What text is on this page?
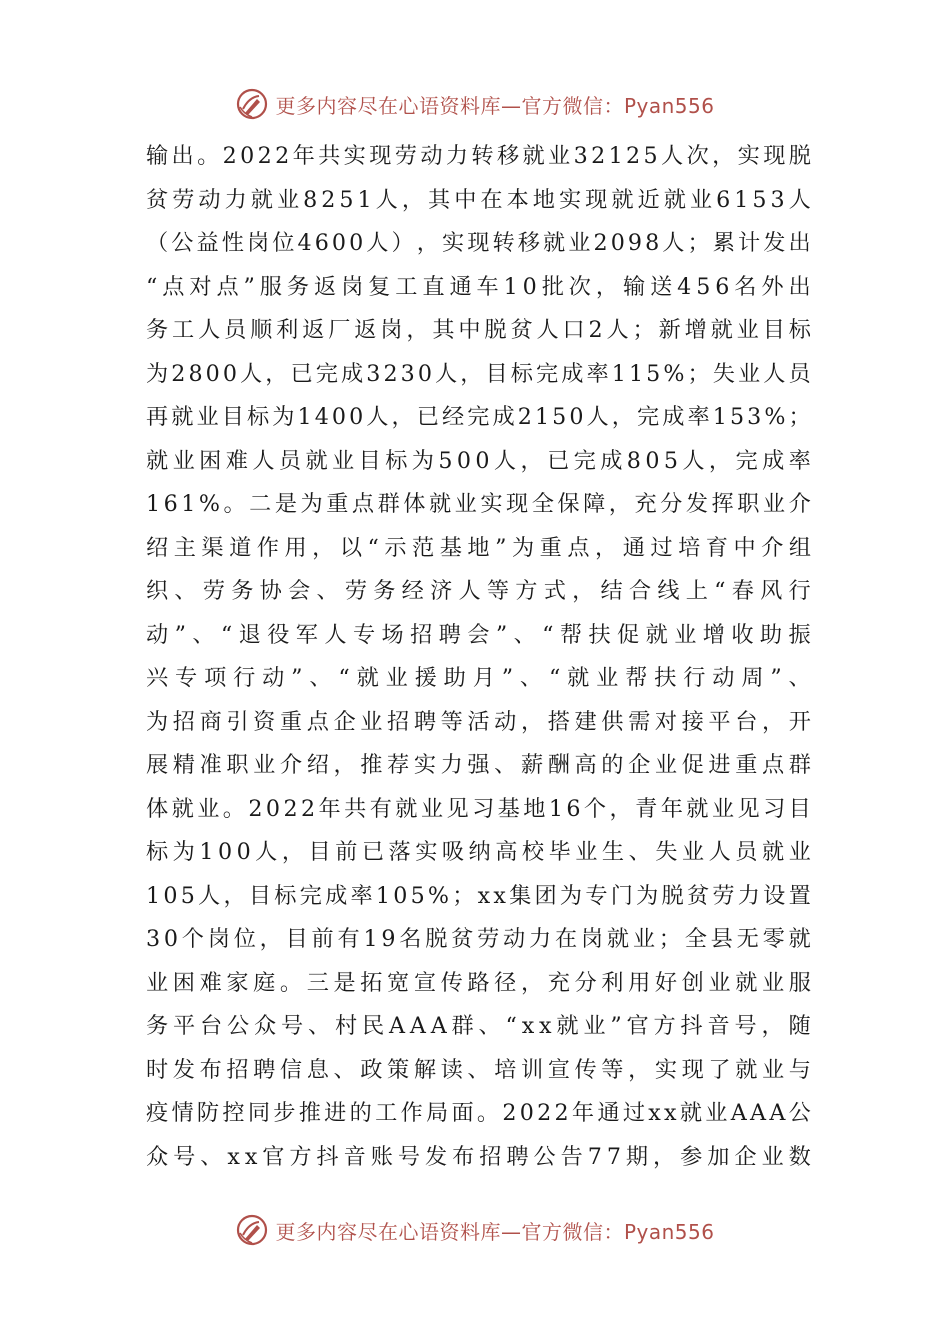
更多内容尽在心语资料库—官方微信：Pyan556
输 出 。 2 0 2 2 年 共 实 现 劳 动 力 转 移 就 业 3 2 1 2 5 人 次 ， 实 现 脱
贫 劳 动 力 就 业 8 2 5 1 人 ， 其 中 在 本 地 实 现 就 近 就 业 6 1 5 3 人
（ 公 益 性 岗 位 4 6 0 0 人 ） ， 实 现 转 移 就 业 2 0 9 8 人 ； 累 计 发 出
“ 点 对 点 ” 服 务 返 岗 复 工 直 通 车 1 0 批 次 ， 输 送 4 5 6 名 外 出
务 工 人 员 顺 利 返 厂 返 岗 ， 其 中 脱 贫 人 口 2 人 ； 新 增 就 业 目 标
为 2 8 0 0 人 ， 已 完 成 3 2 3 0 人 ， 目 标 完 成 率 1 1 5 % ； 失 业 人 员
再 就 业 目 标 为 1 4 0 0 人 ， 已 经 完 成 2 1 5 0 人 ， 完 成 率 1 5 3 % ；
就 业 困 难 人 员 就 业 目 标 为 5 0 0 人 ， 已 完 成 8 0 5 人 ， 完 成 率
1 6 1 % 。 二 是 为 重 点 群 体 就 业 实 现 全 保 障 ， 充 分 发 挥 职 业 介
绍 主 渠 道 作 用 ， 以 “ 示 范 基 地 ” 为 重 点 ， 通 过 培 育 中 介 组
织 、 劳 务 协 会 、 劳 务 经 济 人 等 方 式 ， 结 合 线 上 “ 春 风 行
动 ” 、 “ 退 役 军 人 专 场 招 聘 会 ” 、 “ 帮 扶 促 就 业 增 收 助 振
兴 专 项 行 动 ” 、 “ 就 业 援 助 月 ” 、 “ 就 业 帮 扶 行 动 周 ” 、
为 招 商 引 资 重 点 企 业 招 聘 等 活 动 ， 搭 建 供 需 对 接 平 台 ， 开
展 精 准 职 业 介 绍 ， 推 荐 实 力 强 、 薪 酬 高 的 企 业 促 进 重 点 群
体 就 业 。 2 0 2 2 年 共 有 就 业 见 习 基 地 1 6 个 ， 青 年 就 业 见 习 目
标 为 1 0 0 人 ， 目 前 已 落 实 吸 纳 高 校 毕 业 生 、 失 业 人 员 就 业
1 0 5 人 ， 目 标 完 成 率 1 0 5 % ； x x 集 团 为 专 门 为 脱 贫 劳 力 设 置
3 0 个 岗 位 ， 目 前 有 1 9 名 脱 贫 劳 动 力 在 岗 就 业 ； 全 县 无 零 就
业 困 难 家 庭 。 三 是 拓 宽 宣 传 路 径 ， 充 分 利 用 好 创 业 就 业 服
务 平 台 公 众 号 、 村 民 A A A 群 、 “ x x 就 业 ” 官 方 抖 音 号 ， 随
时 发 布 招 聘 信 息 、 政 策 解 读 、 培 训 宣 传 等 ， 实 现 了 就 业 与
疫 情 防 控 同 步 推 进 的 工 作 局 面 。 2 0 2 2 年 通 过 x x 就 业 A A A 公
众 号 、 x x 官 方 抖 音 账 号 发 布 招 聘 公 告 7 7 期 ， 参 加 企 业 数
更多内容尽在心语资料库—官方微信：Pyan556
